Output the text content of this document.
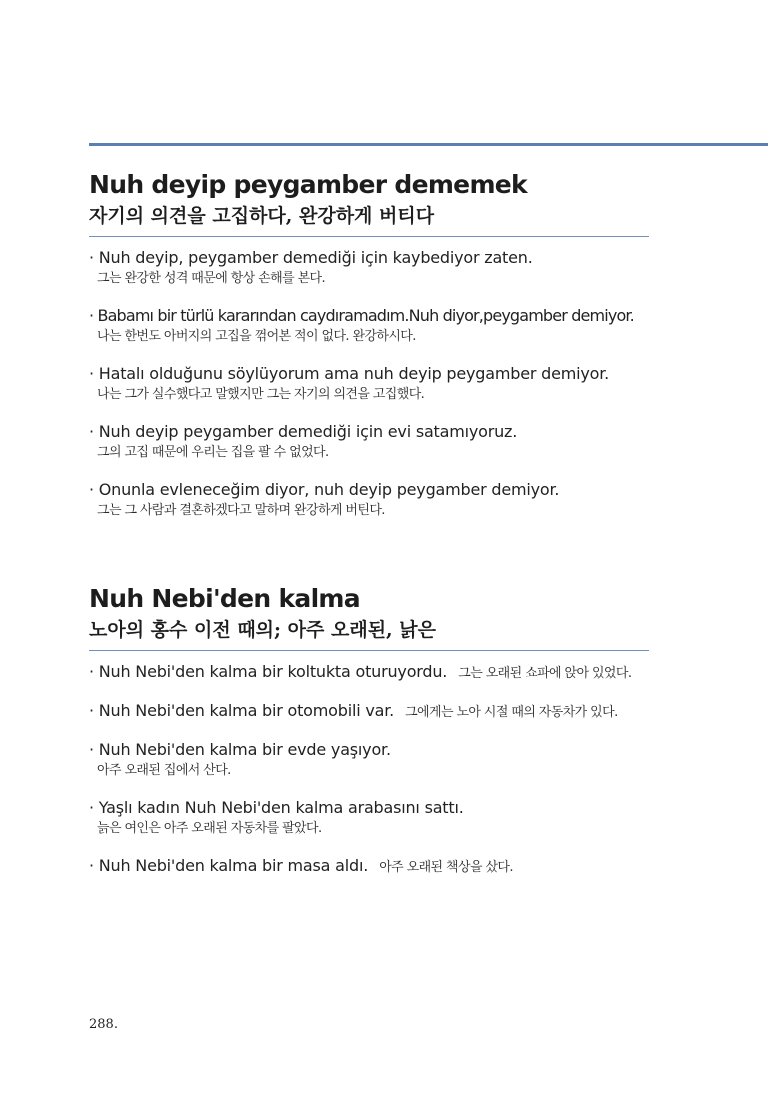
Nuh deyip peygamber dememek
자기의 의견을 고집하다, 완강하게 버티다
· Nuh deyip, peygamber demediği için kaybediyor zaten.
그는 완강한 성격 때문에 항상 손해를 본다.
· Babamı bir türlü kararından caydıramadım.Nuh diyor,peygamber demiyor.
나는 한번도 아버지의 고집을 꺾어본 적이 없다. 완강하시다.
· Hatalı olduğunu söylüyorum ama nuh deyip peygamber demiyor.
나는 그가 실수했다고 말했지만 그는 자기의 의견을 고집했다.
· Nuh deyip peygamber demediği için evi satamıyoruz.
그의 고집 때문에 우리는 집을 팔 수 없었다.
· Onunla evleneceğim diyor, nuh deyip peygamber demiyor.
그는 그 사람과 결혼하겠다고 말하며 완강하게 버틴다.
Nuh Nebi'den kalma
노아의 홍수 이전 때의; 아주 오래된, 낡은
· Nuh Nebi'den kalma bir koltukta oturuyordu. 그는 오래된 쇼파에 앉아 있었다.
· Nuh Nebi'den kalma bir otomobili var. 그에게는 노아 시절 때의 자동차가 있다.
· Nuh Nebi'den kalma bir evde yaşıyor.
아주 오래된 집에서 산다.
· Yaşlı kadın Nuh Nebi'den kalma arabasını sattı.
늙은 여인은 아주 오래된 자동차를 팔았다.
· Nuh Nebi'den kalma bir masa aldı. 아주 오래된 책상을 샀다.
288.
